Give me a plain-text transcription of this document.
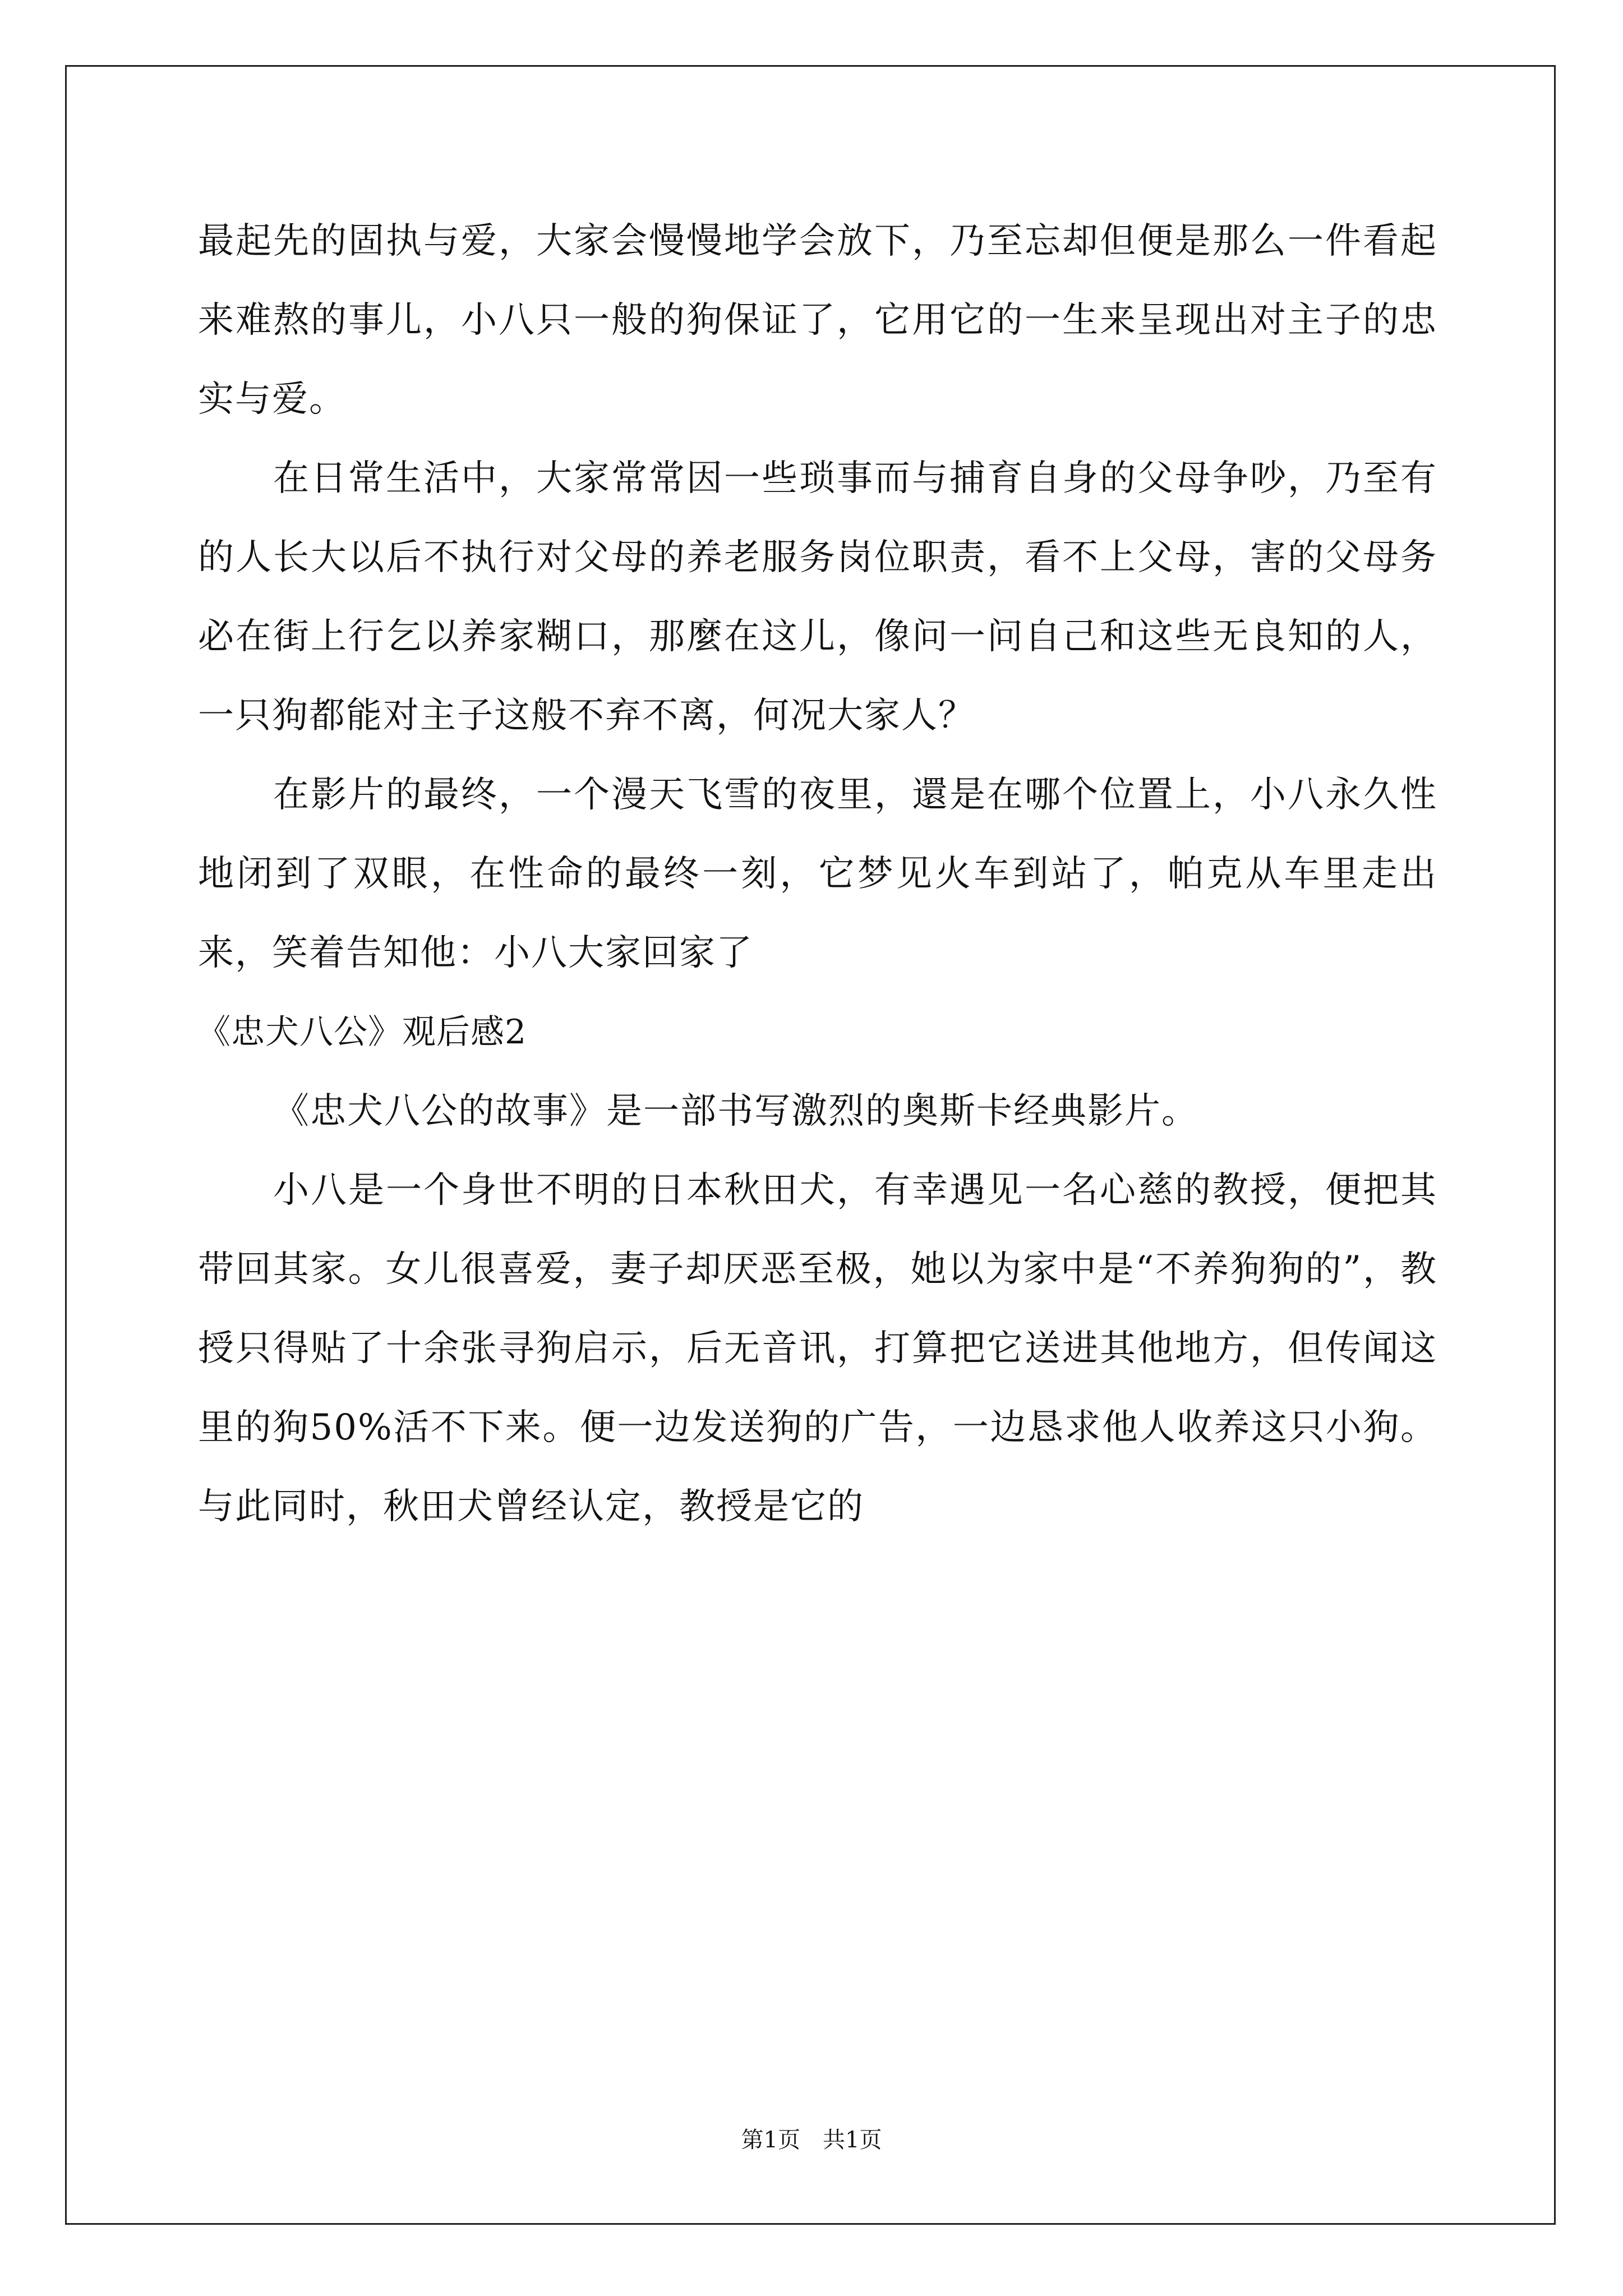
最起先的固执与爱，大家会慢慢地学会放下，乃至忘却但便是那么一件看起来难熬的事儿，小八只一般的狗保证了，它用它的一生来呈现出对主子的忠实与爱。

在日常生活中，大家常常因一些琐事而与捕育自身的父母争吵，乃至有的人长大以后不执行对父母的养老服务岗位职责，看不上父母，害的父母务必在街上行乞以养家糊口，那麼在这儿，像问一问自己和这些无良知的人，一只狗都能对主子这般不弃不离，何况大家人？

在影片的最终，一个漫天飞雪的夜里，還是在哪个位置上，小八永久性地闭到了双眼，在性命的最终一刻，它梦见火车到站了，帕克从车里走出来，笑着告知他：小八大家回家了

《忠犬八公》观后感2

《忠犬八公的故事》是一部书写激烈的奥斯卡经典影片。

小八是一个身世不明的日本秋田犬，有幸遇见一名心慈的教授，便把其带回其家。女儿很喜爱，妻子却厌恶至极，她以为家中是“不养狗狗的”，教授只得贴了十余张寻狗启示，后无音讯，打算把它送进其他地方，但传闻这里的狗50%活不下来。便一边发送狗的广告，一边恳求他人收养这只小狗。与此同时，秋田犬曾经认定，教授是它的

第1页　共1页
